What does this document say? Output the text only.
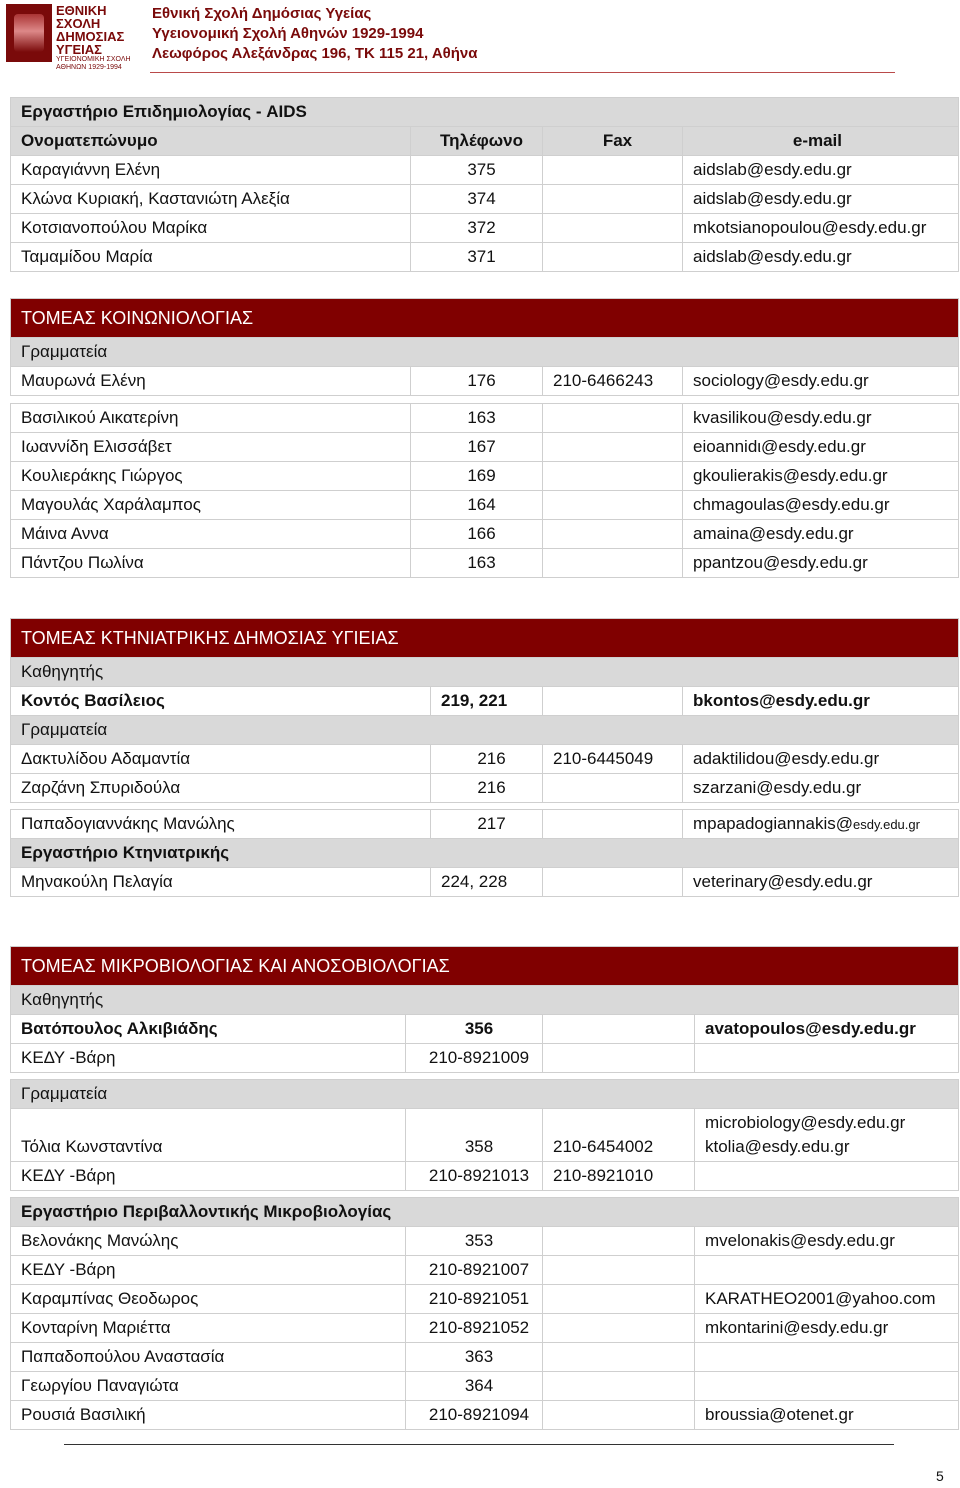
ΕΘΝΙΚΗ
ΣΧΟΛΗ
ΔΗΜΟΣΙΑΣ
ΥΓΕΙΑΣ
ΥΓΕΙΟΝΟΜΙΚΗ ΣΧΟΛΗ
ΑΘΗΝΩΝ 1929-1994
Εθνική Σχολή Δημόσιας Υγείας
Υγειονομική Σχολή Αθηνών 1929-1994
Λεωφόρος Αλεξάνδρας 196, ΤΚ 115 21, Αθήνα
Εργαστήριο Επιδημιολογίας - AIDS			
Ονοματεπώνυμο	Τηλέφωνο	Fax	e-mail
Καραγιάννη Ελένη	375		aidslab@esdy.edu.gr
Κλώνα Κυριακή, Καστανιώτη Αλεξία	374		aidslab@esdy.edu.gr
Κοτσιανοπούλου Μαρίκα	372		mkotsianopoulou@esdy.edu.gr
Ταμαμίδου Μαρία	371		aidslab@esdy.edu.gr
ΤΟΜΕΑΣ ΚΟΙΝΩΝΙΟΛΟΓΙΑΣ			
Γραμματεία			
Μαυρωνά Ελένη	176	210-6466243	sociology@esdy.edu.gr

Βασιλικού Αικατερίνη	163		kvasilikou@esdy.edu.gr
Ιωαννίδη Ελισσάβετ	167		eioannidι@esdy.edu.gr
Κουλιεράκης Γιώργος	169		gkoulierakis@esdy.edu.gr
Μαγουλάς Χαράλαμπος	164		chmagoulas@esdy.edu.gr
Μάινα Αννα	166		amaina@esdy.edu.gr
Πάντζου Πωλίνα	163		ppantzou@esdy.edu.gr
ΤΟΜΕΑΣ ΚΤΗΝΙΑΤΡΙΚΗΣ ΔΗΜΟΣΙΑΣ ΥΓΙΕΙΑΣ			
Καθηγητής			
Κοντός Βασίλειος	219, 221		bkontos@esdy.edu.gr
Γραμματεία			
Δακτυλίδου Αδαμαντία	216	210-6445049	adaktilidou@esdy.edu.gr
Ζαρζάνη Σπυριδούλα	216		szarzani@esdy.edu.gr

Παπαδογιαννάκης Μανώλης	217		mpapadogiannakis@esdy.edu.gr
Εργαστήριο Κτηνιατρικής			
Μηνακούλη Πελαγία	224, 228		veterinary@esdy.edu.gr
ΤΟΜΕΑΣ ΜΙΚΡΟΒΙΟΛΟΓΙΑΣ ΚΑΙ ΑΝΟΣΟΒΙΟΛΟΓΙΑΣ			
Καθηγητής			
Βατόπουλος Αλκιβιάδης	356		avatopoulos@esdy.edu.gr
ΚΕΔΥ -Βάρη	210-8921009		

Γραμματεία			
Τόλια Κωνσταντίνα	358	210-6454002	microbiology@esdy.edu.gr
ktolia@esdy.edu.gr

ΚΕΔΥ -Βάρη	210-8921013	210-8921010	

Εργαστήριο Περιβαλλοντικής Μικροβιολογίας			
Βελονάκης Μανώλης	353		mvelonakis@esdy.edu.gr
ΚΕΔΥ -Βάρη	210-8921007		
Καραμπίνας Θεοδωρος	210-8921051		KARATHEO2001@yahoo.com
Κονταρίνη Μαριέττα	210-8921052		mkontarini@esdy.edu.gr
Παπαδοπούλου Αναστασία	363		
Γεωργίου Παναγιώτα	364		
Ρουσιά Βασιλική	210-8921094		broussia@otenet.gr
5
